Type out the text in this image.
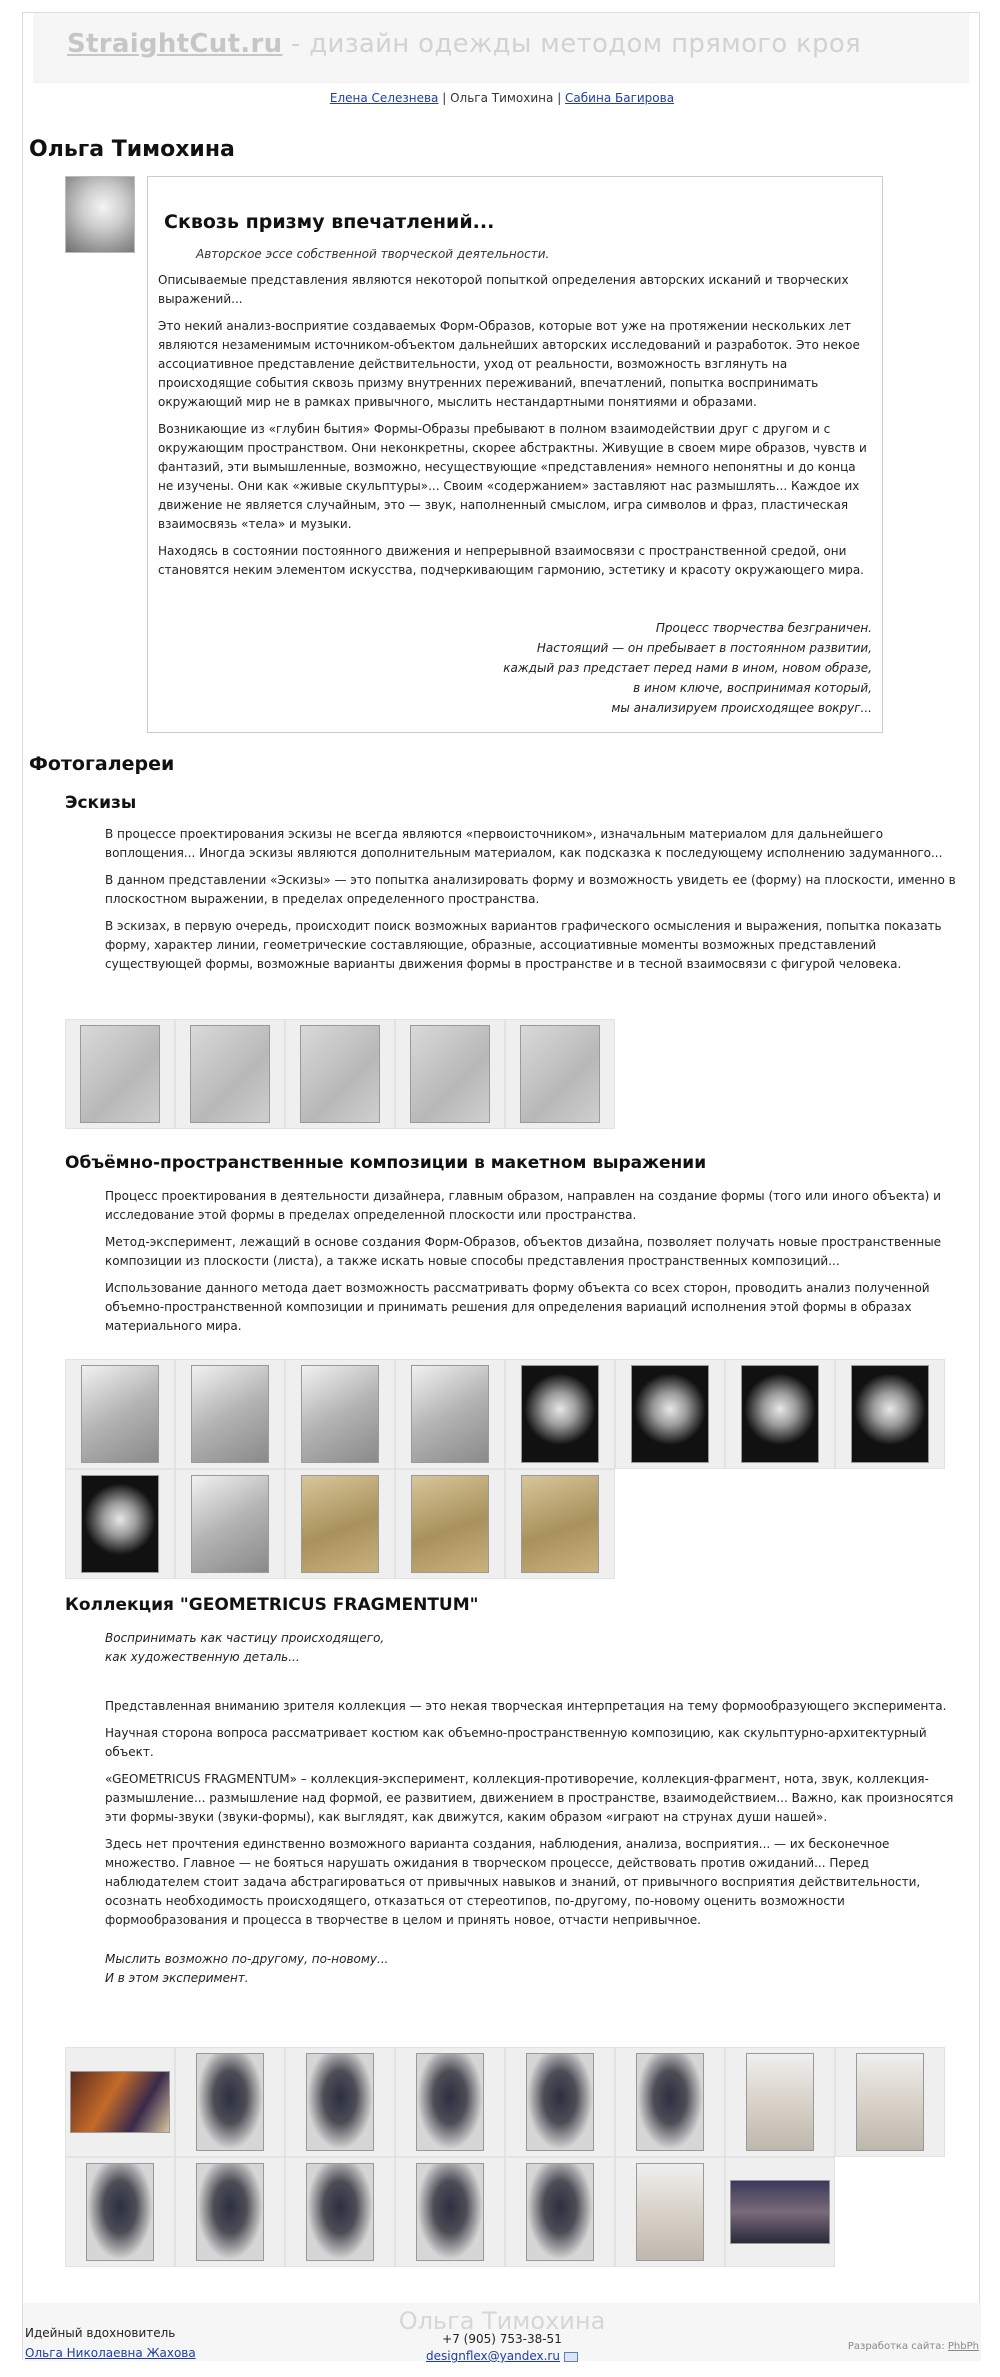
StraightCut.ru - дизайн одежды методом прямого кроя
Елена Селезнева | Ольга Тимохина | Сабина Багирова
Ольга Тимохина
Сквозь призму впечатлений...
Авторское эссе собственной творческой деятельности.

Описываемые представления являются некоторой попыткой определения авторских исканий и творческих выражений...

Это некий анализ-восприятие создаваемых Форм-Образов, которые вот уже на протяжении нескольких лет являются незаменимым источником-объектом дальнейших авторских исследований и разработок. Это некое ассоциативное представление действительности, уход от реальности, возможность взглянуть на происходящие события сквозь призму внутренних переживаний, впечатлений, попытка воспринимать окружающий мир не в рамках привычного, мыслить нестандартными понятиями и образами.

Возникающие из «глубин бытия» Формы-Образы пребывают в полном взаимодействии друг с другом и с окружающим пространством. Они неконкретны, скорее абстрактны. Живущие в своем мире образов, чувств и фантазий, эти вымышленные, возможно, несуществующие «представления» немного непонятны и до конца не изучены. Они как «живые скульптуры»... Своим «содержанием» заставляют нас размышлять... Каждое их движение не является случайным, это — звук, наполненный смыслом, игра символов и фраз, пластическая взаимосвязь «тела» и музыки.

Находясь в состоянии постоянного движения и непрерывной взаимосвязи с пространственной средой, они становятся неким элементом искусства, подчеркивающим гармонию, эстетику и красоту окружающего мира.

Процесс творчества безграничен.
Настоящий — он пребывает в постоянном развитии,
каждый раз предстает перед нами в ином, новом образе,
в ином ключе, воспринимая который,
мы анализируем происходящее вокруг...
Фотогалереи
Эскизы

В процессе проектирования эскизы не всегда являются «первоисточником», изначальным материалом для дальнейшего воплощения... Иногда эскизы являются дополнительным материалом, как подсказка к последующему исполнению задуманного...

В данном представлении «Эскизы» — это попытка анализировать форму и возможность увидеть ее (форму) на плоскости, именно в плоскостном выражении, в пределах определенного пространства.

В эскизах, в первую очередь, происходит поиск возможных вариантов графического осмысления и выражения, попытка показать форму, характер линии, геометрические составляющие, образные, ассоциативные моменты возможных представлений существующей формы, возможные варианты движения формы в пространстве и в тесной взаимосвязи с фигурой человека.

Объёмно-пространственные композиции в макетном выражении

Процесс проектирования в деятельности дизайнера, главным образом, направлен на создание формы (того или иного объекта) и исследование этой формы в пределах определенной плоскости или пространства.

Метод-эксперимент, лежащий в основе создания Форм-Образов, объектов дизайна, позволяет получать новые пространственные композиции из плоскости (листа), а также искать новые способы представления пространственных композиций...

Использование данного метода дает возможность рассматривать форму объекта со всех сторон, проводить анализ полученной объемно-пространственной композиции и принимать решения для определения вариаций исполнения этой формы в образах материального мира.

Коллекция "GEOMETRICUS FRAGMENTUM"

Воспринимать как частицу происходящего,
как художественную деталь...

Представленная вниманию зрителя коллекция — это некая творческая интерпретация на тему формообразующего эксперимента.

Научная сторона вопроса рассматривает костюм как объемно-пространственную композицию, как скульптурно-архитектурный объект.

«GEOMETRICUS FRAGMENTUM» – коллекция-эксперимент, коллекция-противоречие, коллекция-фрагмент, нота, звук, коллекция-размышление... размышление над формой, ее развитием, движением в пространстве, взаимодействием... Важно, как произносятся эти формы-звуки (звуки-формы), как выглядят, как движутся, каким образом «играют на струнах души нашей».

Здесь нет прочтения единственно возможного варианта создания, наблюдения, анализа, восприятия... — их бесконечное множество. Главное — не бояться нарушать ожидания в творческом процессе, действовать против ожиданий... Перед наблюдателем стоит задача абстрагироваться от привычных навыков и знаний, от привычного восприятия действительности, осознать необходимость происходящего, отказаться от стереотипов, по-другому, по-новому оценить возможности формообразования и процесса в творчестве в целом и принять новое, отчасти непривычное.

Мыслить возможно по-другому, по-новому...
И в этом эксперимент.

Ольга Тимохина
Идейный вдохновитель
Ольга Николаевна Жахова
+7 (905) 753-38-51
designflex@yandex.ru
Разработка сайта: PhbPh
